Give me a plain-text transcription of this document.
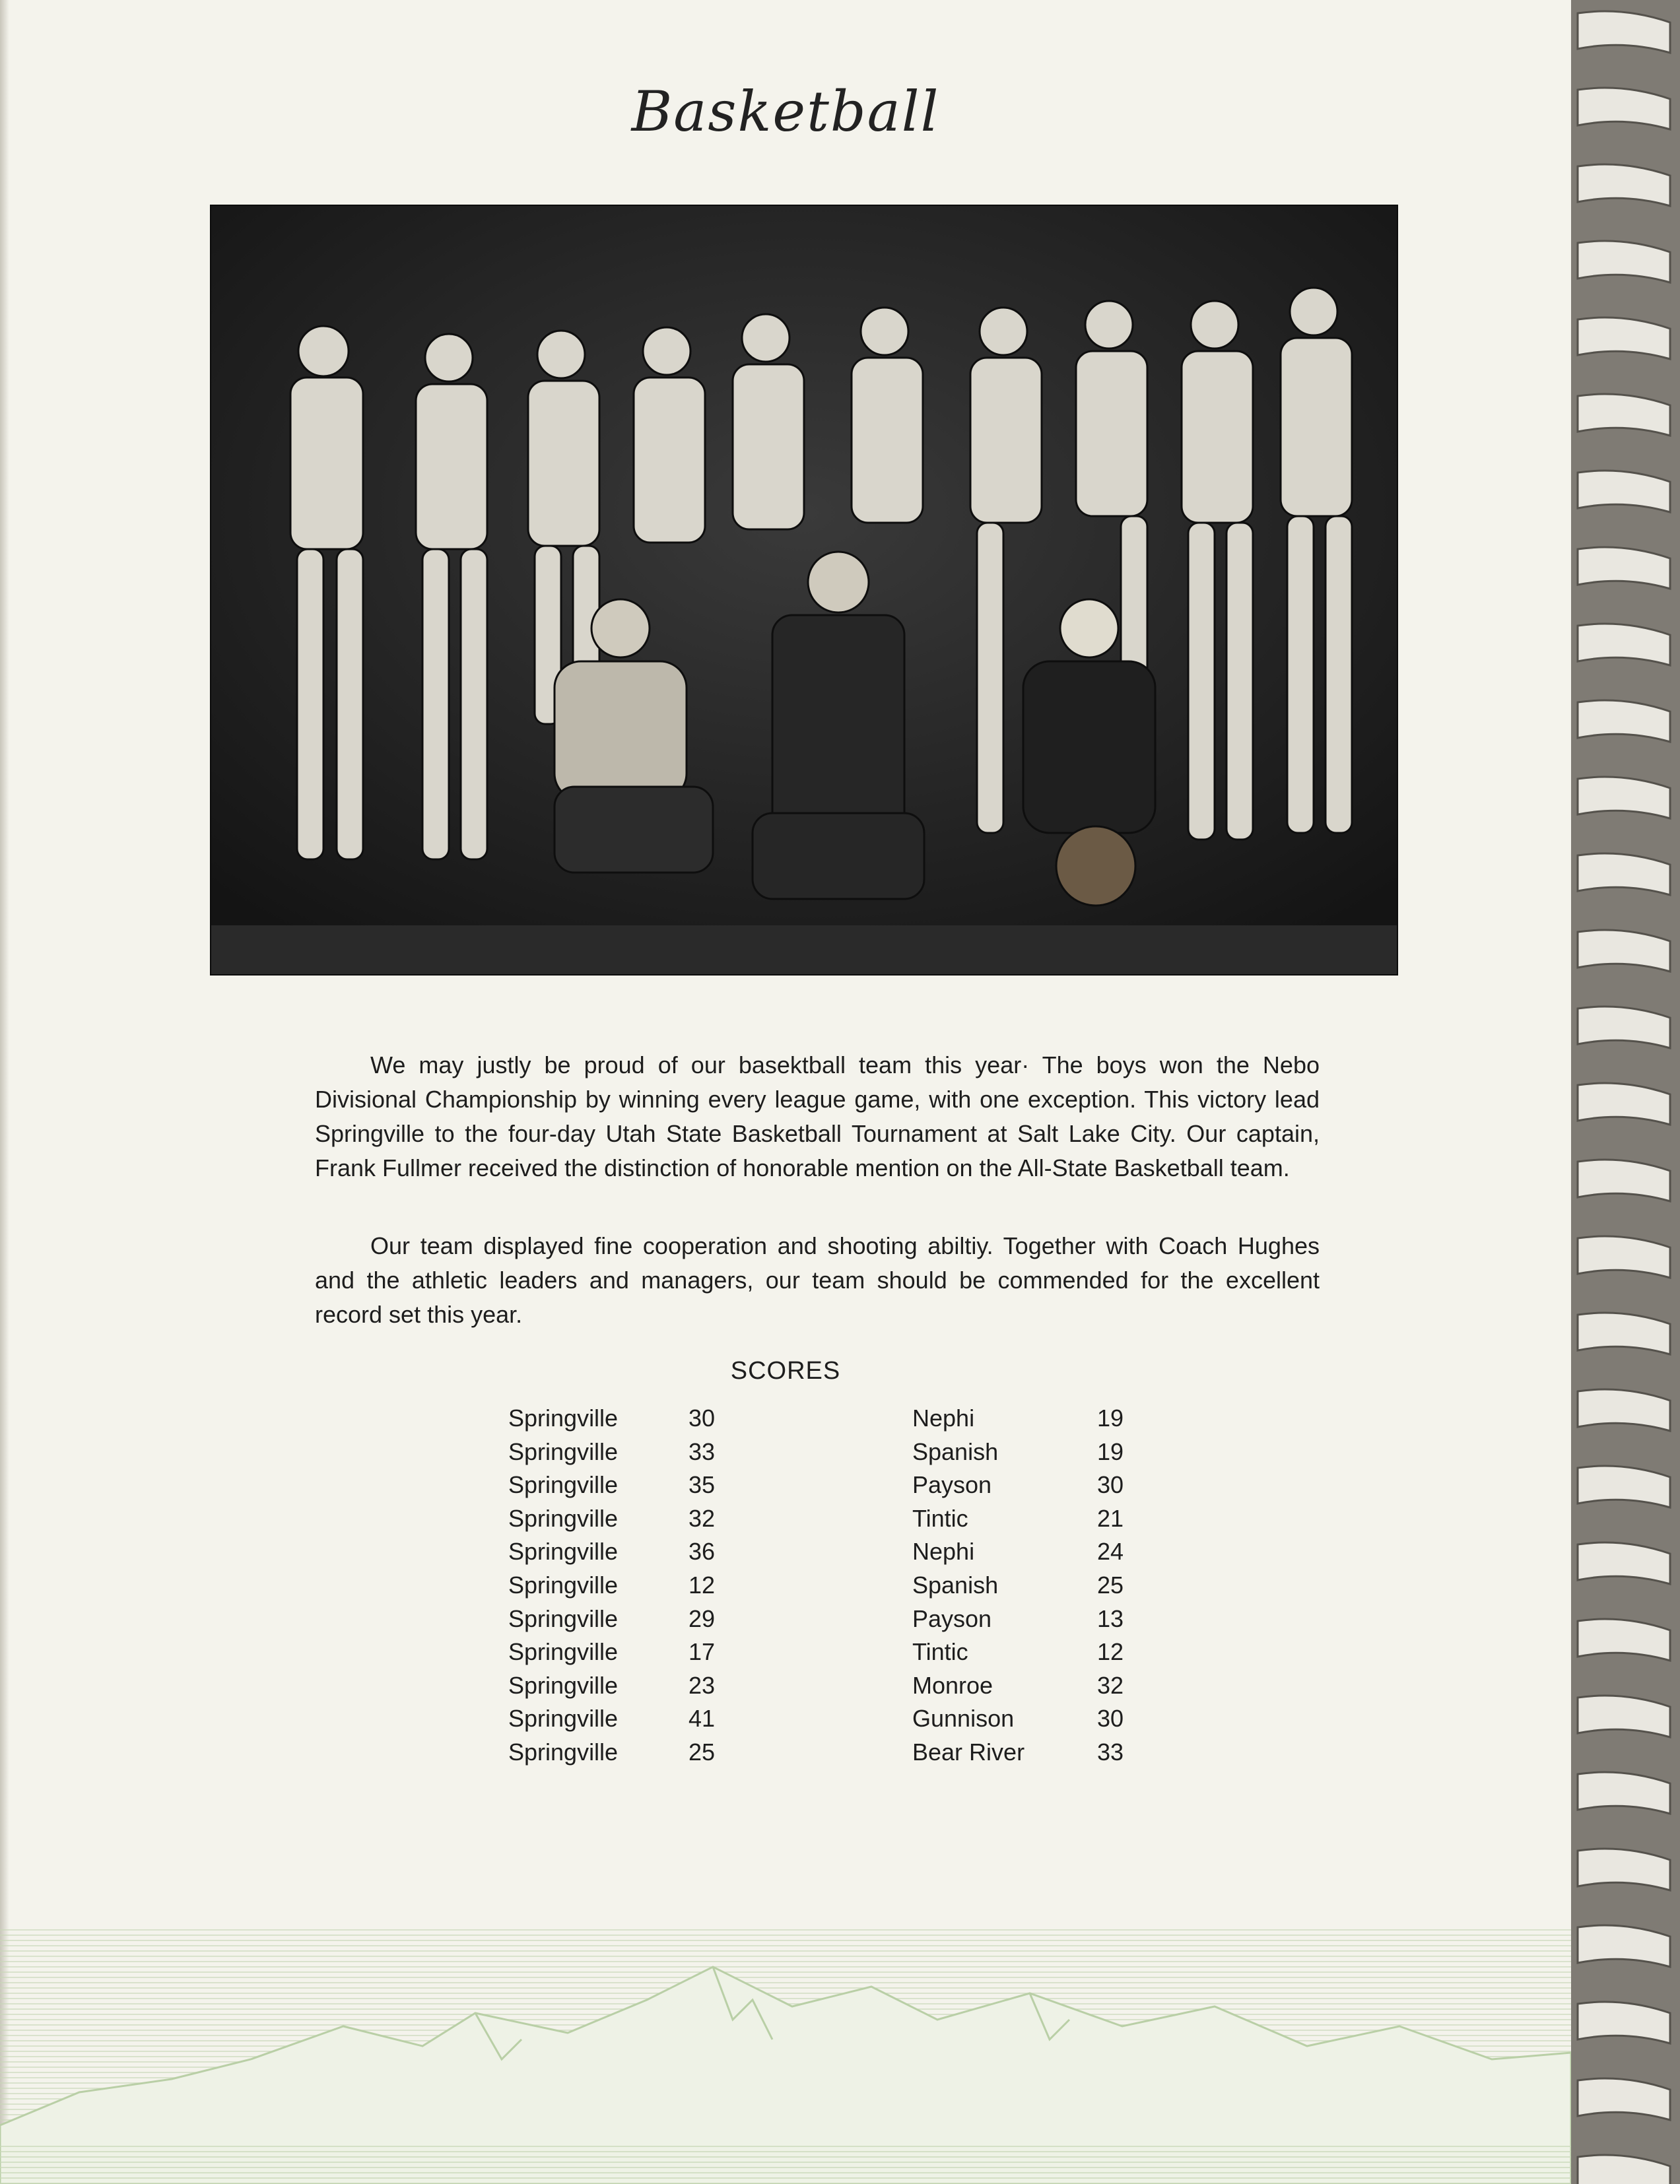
Basketball

We may justly be proud of our basektball team this year· The boys won the Nebo Divisional Championship by winning every league game, with one exception. This victory lead Springville to the four-day Utah State Basketball Tournament at Salt Lake City. Our captain, Frank Fullmer received the distinction of honorable mention on the All-State Basketball team.

Our team displayed fine cooperation and shooting abiltiy. Together with Coach Hughes and the athletic leaders and managers, our team should be commended for the excellent record set this year.

SCORES
Springville	30	Nephi	19
Springville	33	Spanish	19
Springville	35	Payson	30
Springville	32	Tintic	21
Springville	36	Nephi	24
Springville	12	Spanish	25
Springville	29	Payson	13
Springville	17	Tintic	12
Springville	23	Monroe	32
Springville	41	Gunnison	30
Springville	25	Bear River	33
